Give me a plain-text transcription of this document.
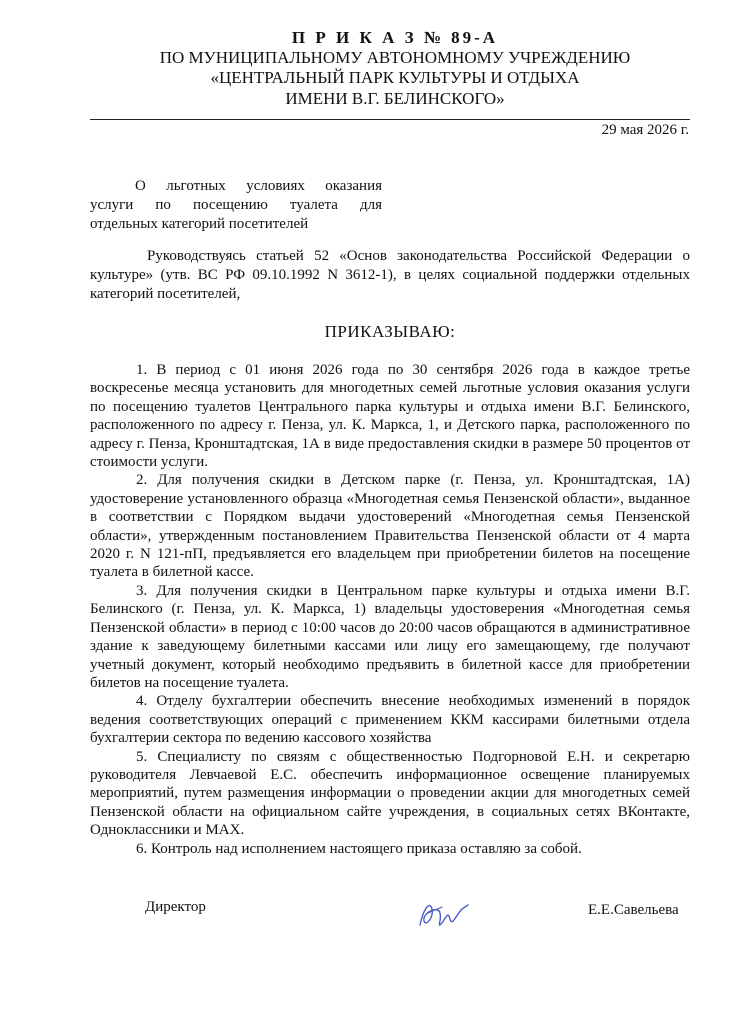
П Р И К А З № 89-А
ПО МУНИЦИПАЛЬНОМУ АВТОНОМНОМУ УЧРЕЖДЕНИЮ
«ЦЕНТРАЛЬНЫЙ ПАРК КУЛЬТУРЫ И ОТДЫХА
ИМЕНИ В.Г. БЕЛИНСКОГО»
29 мая 2026 г.
О льготных условиях оказания
услуги по посещению туалета для
отдельных категорий посетителей
Руководствуясь статьей 52 «Основ законодательства Российской Федерации о культуре» (утв. ВС РФ 09.10.1992 N 3612-1), в целях социальной поддержки отдельных категорий посетителей,
ПРИКАЗЫВАЮ:

1. В период с 01 июня 2026 года по 30 сентября 2026 года в каждое третье воскресенье месяца установить для многодетных семей льготные условия оказания услуги по посещению туалетов Центрального парка культуры и отдыха имени В.Г. Белинского, расположенного по адресу г. Пенза, ул. К. Маркса, 1, и Детского парка, расположенного по адресу г. Пенза, Кронштадтская, 1А в виде предоставления скидки в размере 50 процентов от стоимости услуги.

2. Для получения скидки в Детском парке (г. Пенза, ул. Кронштадтская, 1А) удостоверение установленного образца «Многодетная семья Пензенской области», выданное в соответствии с Порядком выдачи удостоверений «Многодетная семья Пензенской области», утвержденным постановлением Правительства Пензенской области от 4 марта 2020 г. N 121-пП, предъявляется его владельцем при приобретении билетов на посещение туалета в билетной кассе.

3. Для получения скидки в Центральном парке культуры и отдыха имени В.Г. Белинского (г. Пенза, ул. К. Маркса, 1) владельцы удостоверения «Многодетная семья Пензенской области» в период с 10:00 часов до 20:00 часов обращаются в административное здание к заведующему билетными кассами или лицу его замещающему, где получают учетный документ, который необходимо предъявить в билетной кассе для приобретении билетов на посещение туалета.

4. Отделу бухгалтерии обеспечить внесение необходимых изменений в порядок ведения соответствующих операций с применением ККМ кассирами билетными отдела бухгалтерии сектора по ведению кассового хозяйства

5. Специалисту по связям с общественностью Подгорновой Е.Н. и секретарю руководителя Левчаевой Е.С. обеспечить информационное освещение планируемых мероприятий, путем размещения информации о проведении акции для многодетных семей Пензенской области на официальном сайте учреждения, в социальных сетях ВКонтакте, Одноклассники и MAX.

6. Контроль над исполнением настоящего приказа оставляю за собой.

Директор	Е.Е.Савельева
